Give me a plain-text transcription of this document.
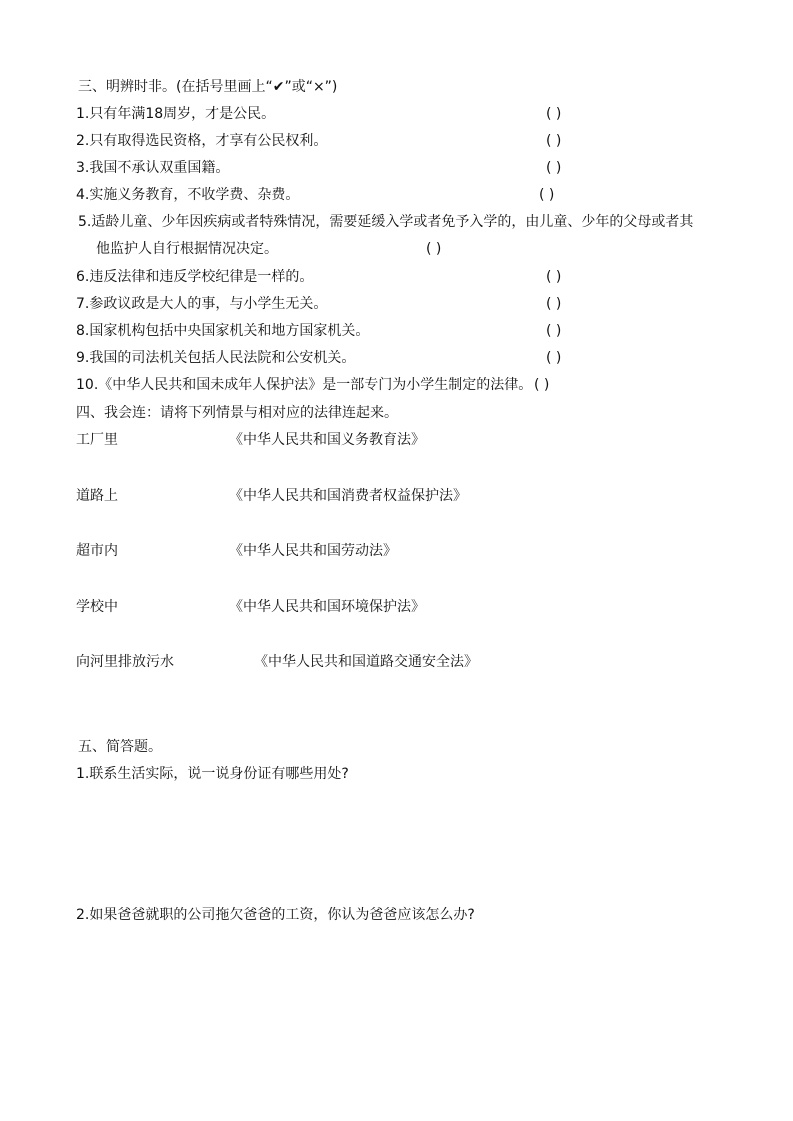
三、明辨时非。(在括号里画上“✔”或“×”)
1.只有年满18周岁，才是公民。	( )
2.只有取得选民资格，才享有公民权利。	( )
3.我国不承认双重国籍。	( )
4.实施义务教育，不收学费、杂费。	( )
5.适龄儿童、少年因疾病或者特殊情况，需要延缓入学或者免予入学的，由儿童、少年的父母或者其
他监护人自行根据情况决定。	( )
6.违反法律和违反学校纪律是一样的。	( )
7.参政议政是大人的事，与小学生无关。	( )
8.国家机构包括中央国家机关和地方国家机关。	( )
9.我国的司法机关包括人民法院和公安机关。	( )
10.《中华人民共和国未成年人保护法》是一部专门为小学生制定的法律。 ( )
四、我会连：请将下列情景与相对应的法律连起来。
工厂里	《中华人民共和国义务教育法》
道路上	《中华人民共和国消费者权益保护法》
超市内	《中华人民共和国劳动法》
学校中	《中华人民共和国环境保护法》
向河里排放污水	《中华人民共和国道路交通安全法》
五、简答题。
1.联系生活实际，说一说身份证有哪些用处?
2.如果爸爸就职的公司拖欠爸爸的工资，你认为爸爸应该怎么办?
